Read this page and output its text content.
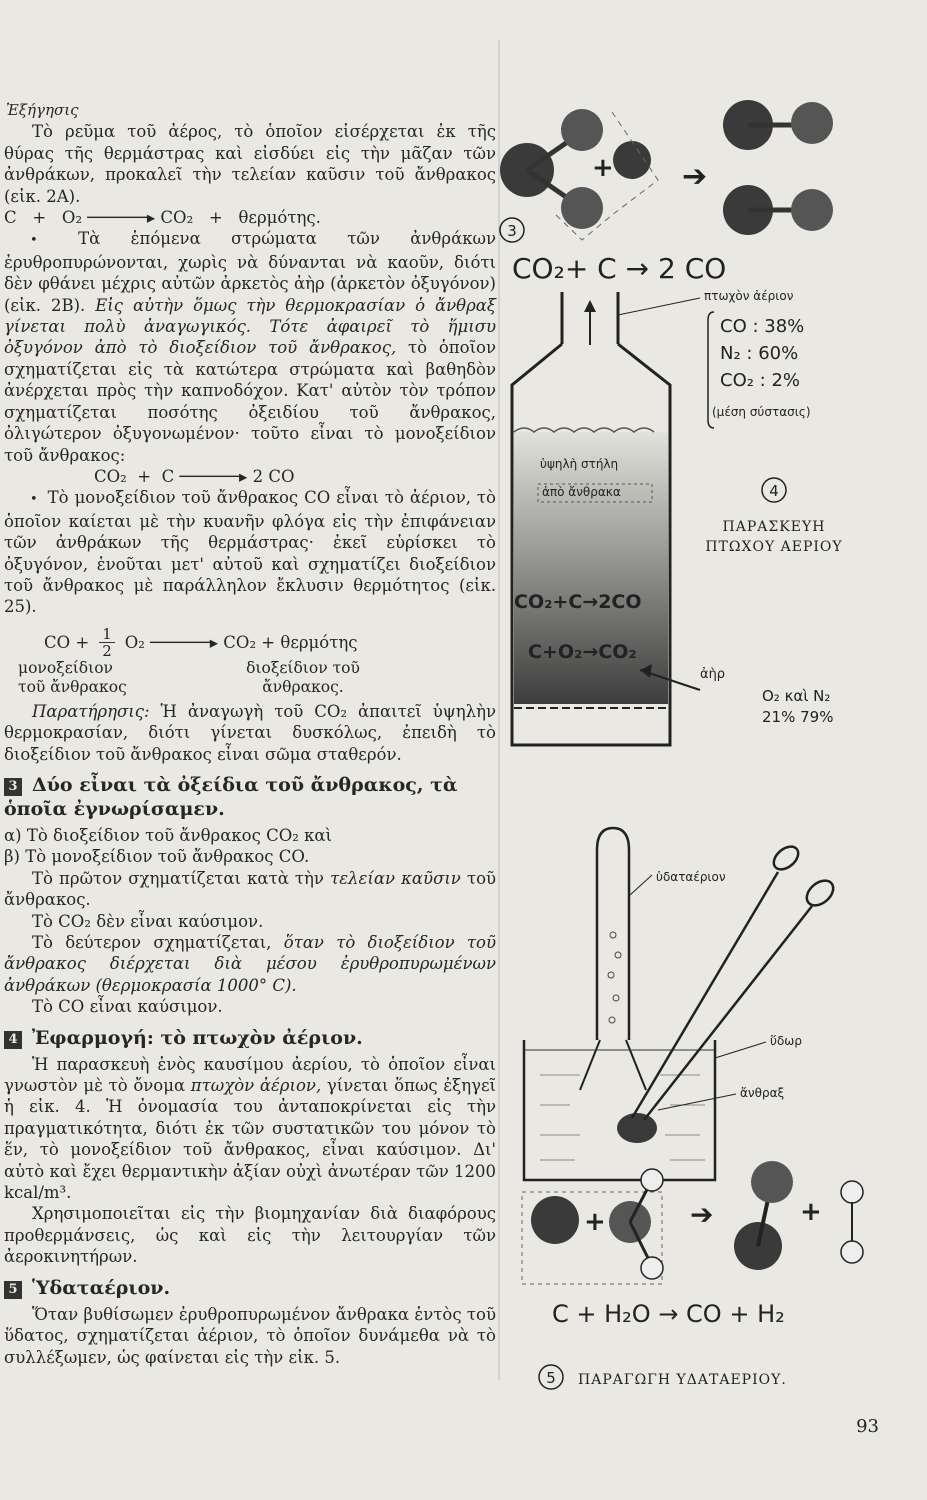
Ἐξήγησις

Τὸ ρεῦμα τοῦ ἀέρος, τὸ ὁποῖον εἰσέρχεται ἐκ τῆς θύρας τῆς θερμάστρας καὶ εἰσδύει εἰς τὴν μᾶζαν τῶν ἀνθράκων, προκαλεῖ τὴν τελείαν καῦσιν τοῦ ἄνθρακος (εἰκ. 2Α).

C   +   O₂ ──────▸ CO₂   +   θερμότης.

• Τὰ ἑπόμενα στρώματα τῶν ἀνθράκων ἐρυθροπυρώνονται, χωρὶς νὰ δύνανται νὰ καοῦν, διότι δὲν φθάνει μέχρις αὐτῶν ἀρκετὸς ἀὴρ (ἀρκετὸν ὀξυγόνον) (εἰκ. 2Β). Εἰς αὐτὴν ὅμως τὴν θερμοκρασίαν ὁ ἄνθραξ γίνεται πολὺ ἀναγωγικός. Τότε ἀφαιρεῖ τὸ ἥμισυ ὀξυγόνον ἀπὸ τὸ διοξείδιον τοῦ ἄνθρακος, τὸ ὁποῖον σχηματίζεται εἰς τὰ κατώτερα στρώματα καὶ βαθηδὸν ἀνέρχεται πρὸς τὴν καπνοδόχον. Κατ' αὐτὸν τὸν τρόπον σχηματίζεται ποσότης ὀξειδίου τοῦ ἄνθρακος, ὀλιγώτερον ὀξυγονωμένον· τοῦτο εἶναι τὸ μονοξείδιον τοῦ ἄνθρακος:

CO₂  +  C ──────▸ 2 CO

• Τὸ μονοξείδιον τοῦ ἄνθρακος CO εἶναι τὸ ἀέριον, τὸ ὁποῖον καίεται μὲ τὴν κυανῆν φλόγα εἰς τὴν ἐπιφάνειαν τῶν ἀνθράκων τῆς θερμάστρας· ἐκεῖ εὑρίσκει τὸ ὀξυγόνον, ἑνοῦται μετ' αὐτοῦ καὶ σχηματίζει διοξείδιον τοῦ ἄνθρακος μὲ παράλληλον ἔκλυσιν θερμότητος (εἰκ. 25).

CO + $\frac{1}{2} O_2$ ──────▸ CO₂ + θερμότης

μονοξείδιον τοῦ ἄνθρακος
διοξείδιον τοῦ ἄνθρακος.

Παρατήρησις: Ἡ ἀναγωγὴ τοῦ CO₂ ἀπαιτεῖ ὑψηλὴν θερμοκρασίαν, διότι γίνεται δυσκόλως, ἐπειδὴ τὸ διοξείδιον τοῦ ἄνθρακος εἶναι σῶμα σταθερόν.

3 Δύο εἶναι τὰ ὀξείδια τοῦ ἄνθρακος, τὰ ὁποῖα ἐγνωρίσαμεν.

α) Τὸ διοξείδιον τοῦ ἄνθρακος CO₂ καὶ

β) Τὸ μονοξείδιον τοῦ ἄνθρακος CO.

Τὸ πρῶτον σχηματίζεται κατὰ τὴν τελείαν καῦσιν τοῦ ἄνθρακος.

Τὸ CO₂ δὲν εἶναι καύσιμον.

Τὸ δεύτερον σχηματίζεται, ὅταν τὸ διοξείδιον τοῦ ἄνθρακος διέρχεται διὰ μέσου ἐρυθροπυρωμένων ἀνθράκων (θερμοκρασία 1000° C).

Τὸ CO εἶναι καύσιμον.

4 Ἐφαρμογή: τὸ πτωχὸν ἀέριον.

Ἡ παρασκευὴ ἑνὸς καυσίμου ἀερίου, τὸ ὁποῖον εἶναι γνωστὸν μὲ τὸ ὄνομα πτωχὸν ἀέριον, γίνεται ὅπως ἐξηγεῖ ἡ εἰκ. 4. Ἡ ὀνομασία του ἀνταποκρίνεται εἰς τὴν πραγματικότητα, διότι ἐκ τῶν συστατικῶν του μόνον τὸ ἕν, τὸ μονοξείδιον τοῦ ἄνθρακος, εἶναι καύσιμον. Δι' αὐτὸ καὶ ἔχει θερμαντικὴν ἀξίαν οὐχὶ ἀνωτέραν τῶν 1200 kcal/m³.

Χρησιμοποιεῖται εἰς τὴν βιομηχανίαν διὰ διαφόρους προθερμάνσεις, ὡς καὶ εἰς τὴν λειτουργίαν τῶν ἀεροκινητήρων.

5 Ὑδαταέριον.

Ὅταν βυθίσωμεν ἐρυθροπυρωμένον ἄνθρακα ἐντὸς τοῦ ὕδατος, σχηματίζεται ἀέριον, τὸ ὁποῖον δυνάμεθα νὰ τὸ συλλέξωμεν, ὡς φαίνεται εἰς τὴν εἰκ. 5.

+ ➔
3
CO₂+ C → 2 CO
ὑψηλὴ στήλη
ἀπὸ ἄνθρακα
CO₂+C→2CO
C+O₂→CO₂
ἀὴρ
O₂ καὶ N₂
21% 79%
πτωχὸν ἀέριον
CO : 38%
N₂ : 60%
CO₂ : 2%
(μέση σύστασις)
4
ΠΑΡΑΣΚΕΥΗ
ΠΤΩΧΟΥ ΑΕΡΙΟΥ
ὑδαταέριον
ὕδωρ
ἄνθραξ
+	➔	+
C + H₂O → CO + H₂
5 ΠΑΡΑΓΩΓΗ ΥΔΑΤΑΕΡΙΟΥ.
93
